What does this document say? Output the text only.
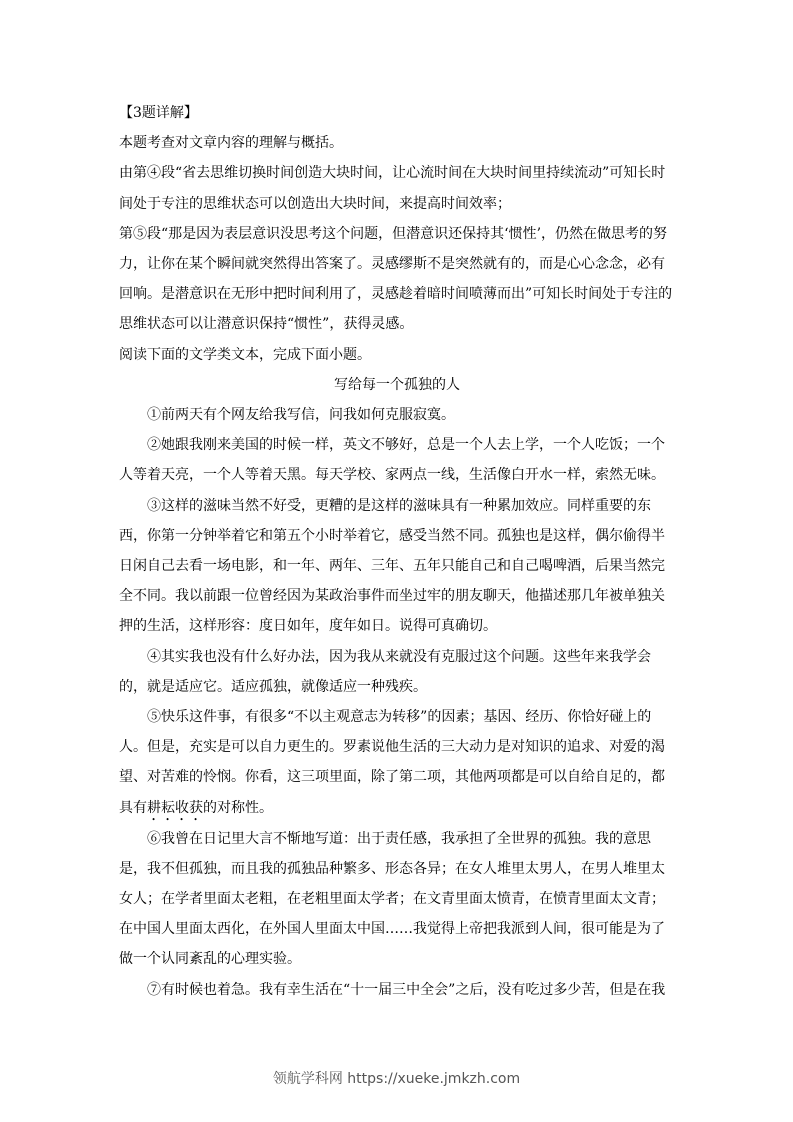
【3题详解】

本题考查对文章内容的理解与概括。

由第④段“省去思维切换时间创造大块时间，让心流时间在大块时间里持续流动”可知长时间处于专注的思维状态可以创造出大块时间，来提高时间效率；

第⑤段“那是因为表层意识没思考这个问题，但潜意识还保持其‘惯性’，仍然在做思考的努力，让你在某个瞬间就突然得出答案了。灵感缪斯不是突然就有的，而是心心念念，必有回响。是潜意识在无形中把时间利用了，灵感趁着暗时间喷薄而出”可知长时间处于专注的思维状态可以让潜意识保持“惯性”，获得灵感。

阅读下面的文学类文本，完成下面小题。

写给每一个孤独的人

①前两天有个网友给我写信，问我如何克服寂寞。

②她跟我刚来美国的时候一样，英文不够好，总是一个人去上学，一个人吃饭；一个人等着天亮，一个人等着天黑。每天学校、家两点一线，生活像白开水一样，索然无味。

③这样的滋味当然不好受，更糟的是这样的滋味具有一种累加效应。同样重要的东西，你第一分钟举着它和第五个小时举着它，感受当然不同。孤独也是这样，偶尔偷得半日闲自己去看一场电影，和一年、两年、三年、五年只能自己和自己喝啤酒，后果当然完全不同。我以前跟一位曾经因为某政治事件而坐过牢的朋友聊天，他描述那几年被单独关押的生活，这样形容：度日如年，度年如日。说得可真确切。

④其实我也没有什么好办法，因为我从来就没有克服过这个问题。这些年来我学会的，就是适应它。适应孤独，就像适应一种残疾。

⑤快乐这件事，有很多“不以主观意志为转移”的因素；基因、经历、你恰好碰上的人。但是，充实是可以自力更生的。罗素说他生活的三大动力是对知识的追求、对爱的渴望、对苦难的怜悯。你看，这三项里面，除了第二项，其他两项都是可以自给自足的，都具有耕耘收获的对称性。

⑥我曾在日记里大言不惭地写道：出于责任感，我承担了全世界的孤独。我的意思是，我不但孤独，而且我的孤独品种繁多、形态各异；在女人堆里太男人，在男人堆里太女人；在学者里面太老粗，在老粗里面太学者；在文青里面太愤青，在愤青里面太文青；在中国人里面太西化，在外国人里面太中国……我觉得上帝把我派到人间，很可能是为了做一个认同紊乱的心理实验。

⑦有时候也着急。我有幸生活在“十一届三中全会”之后，没有吃过多少苦，但是在我

领航学科网 https://xueke.jmkzh.com
